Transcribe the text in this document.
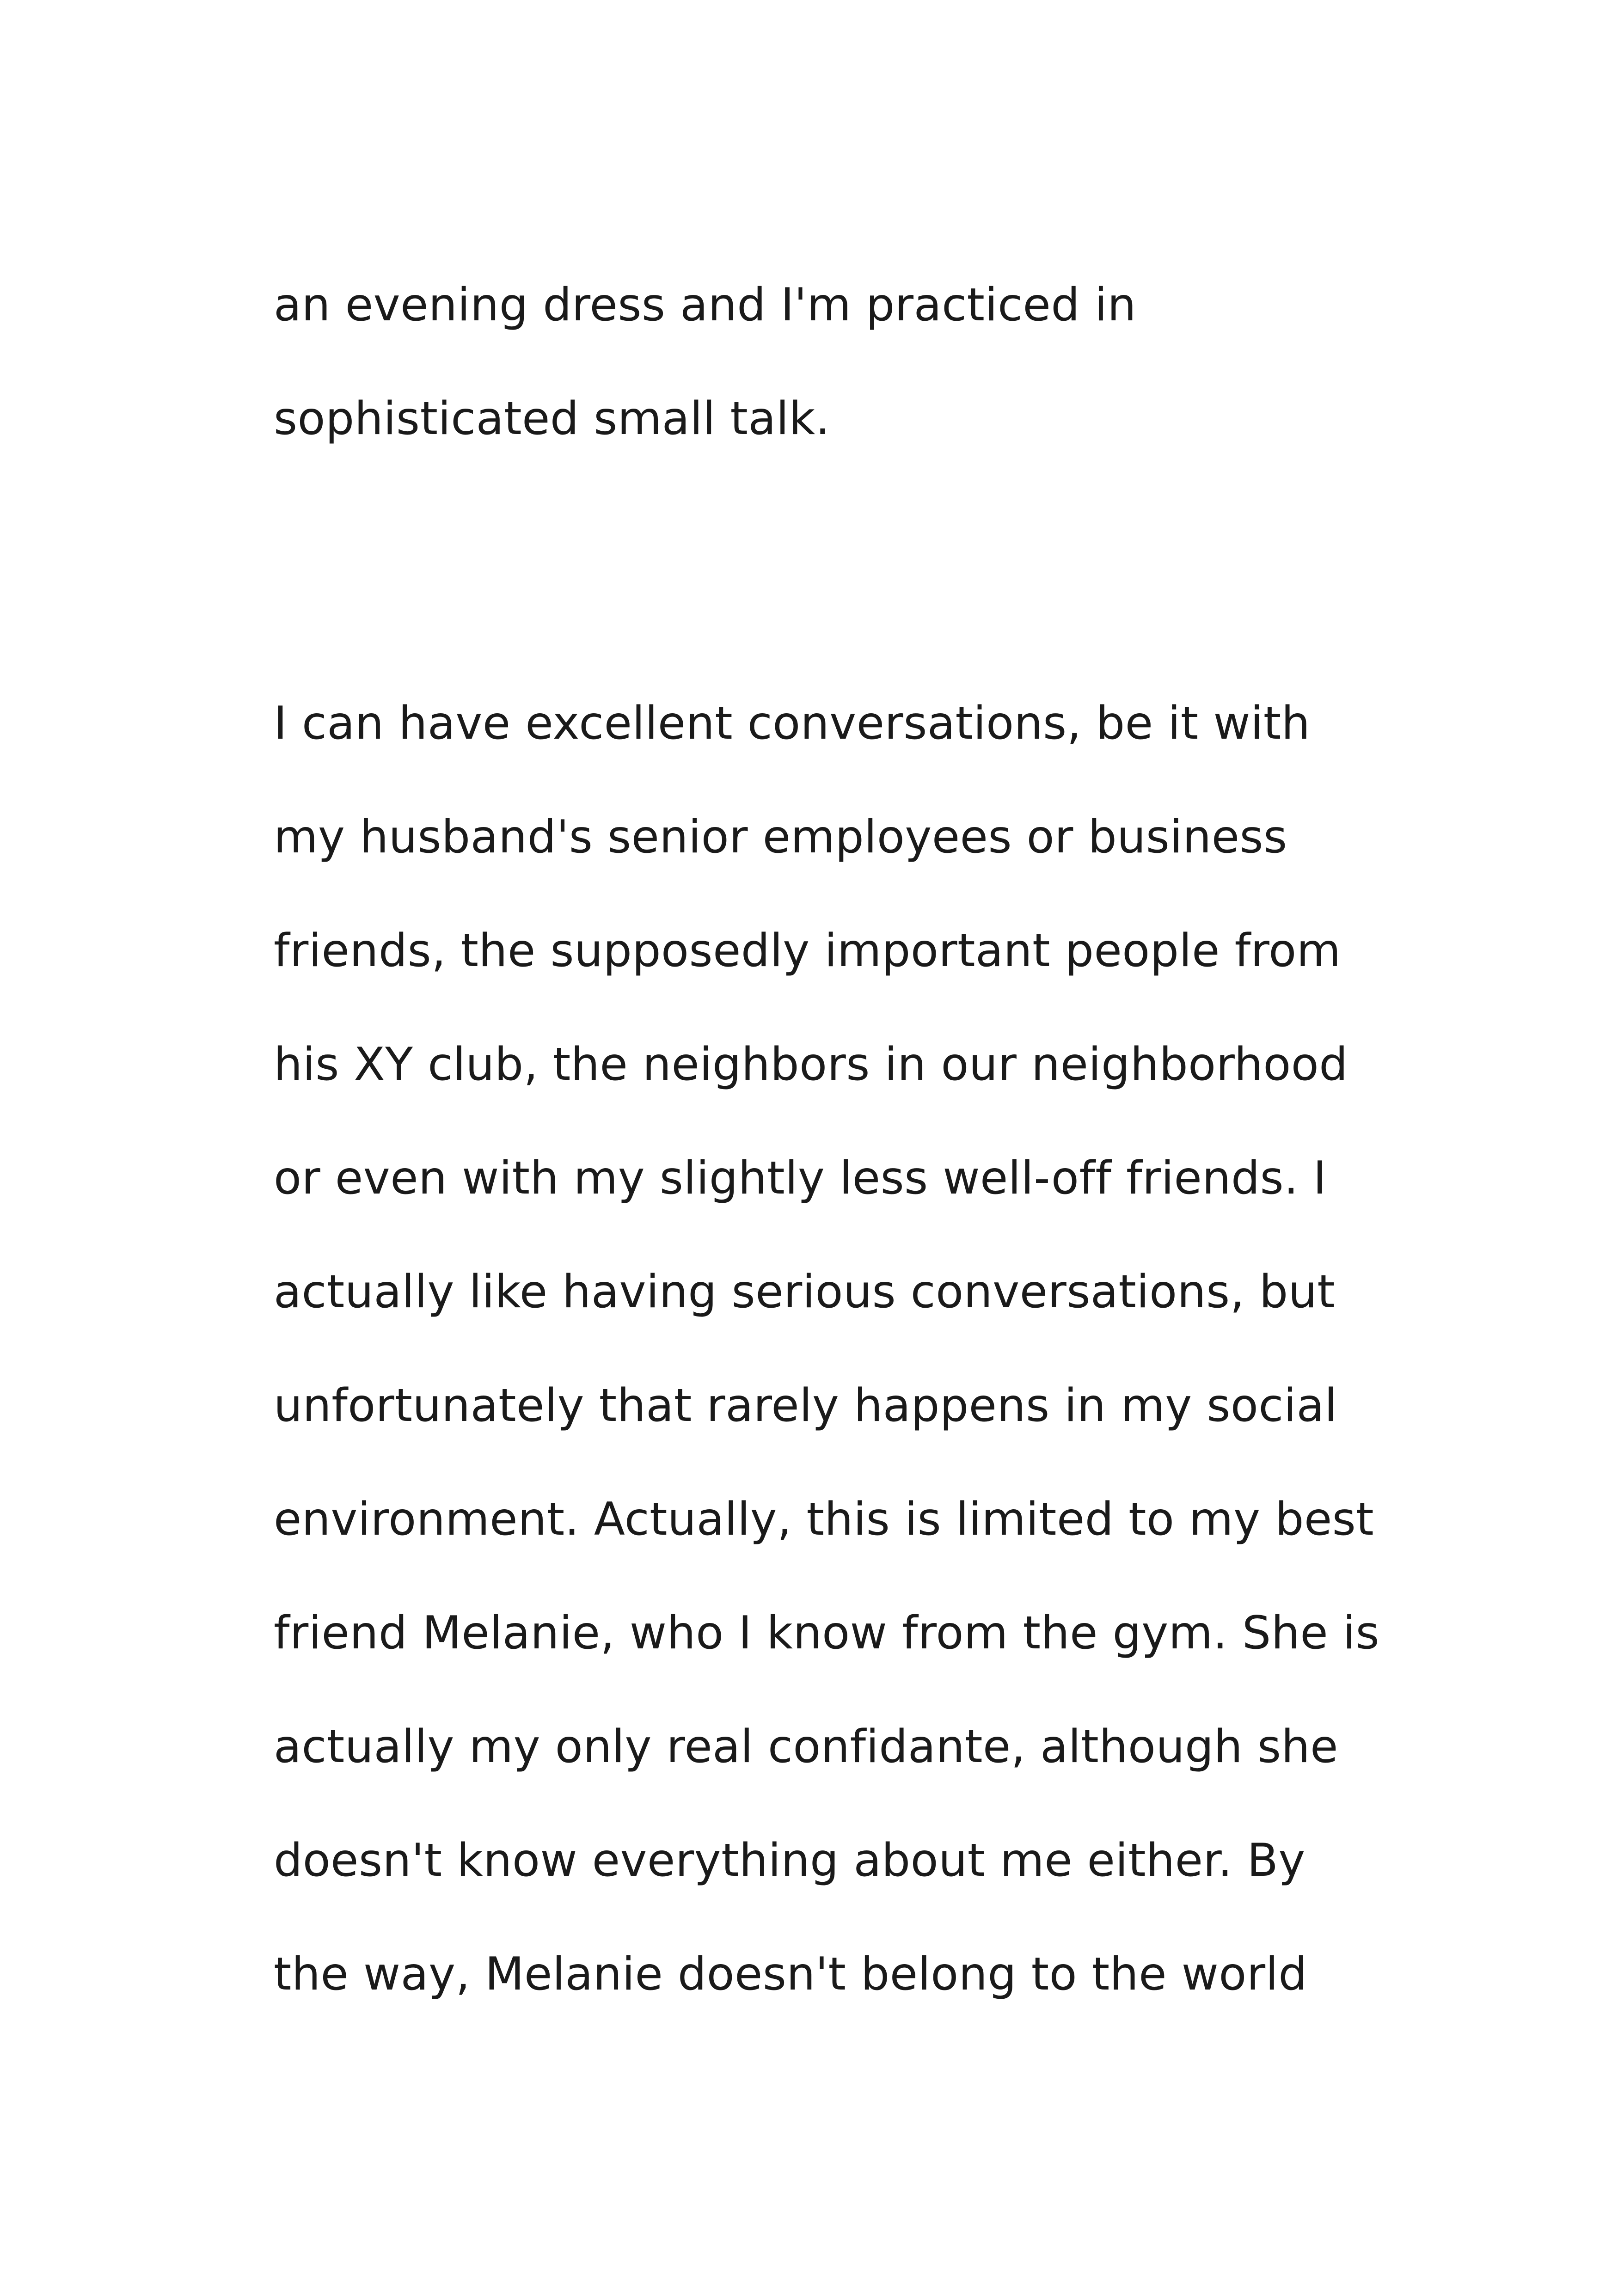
an evening dress and I'm practiced in
sophisticated small talk.
I can have excellent conversations, be it with
my husband's senior employees or business
friends, the supposedly important people from
his XY club, the neighbors in our neighborhood
or even with my slightly less well-off friends. I
actually like having serious conversations, but
unfortunately that rarely happens in my social
environment. Actually, this is limited to my best
friend Melanie, who I know from the gym. She is
actually my only real confidante, although she
doesn't know everything about me either. By
the way, Melanie doesn't belong to the world
